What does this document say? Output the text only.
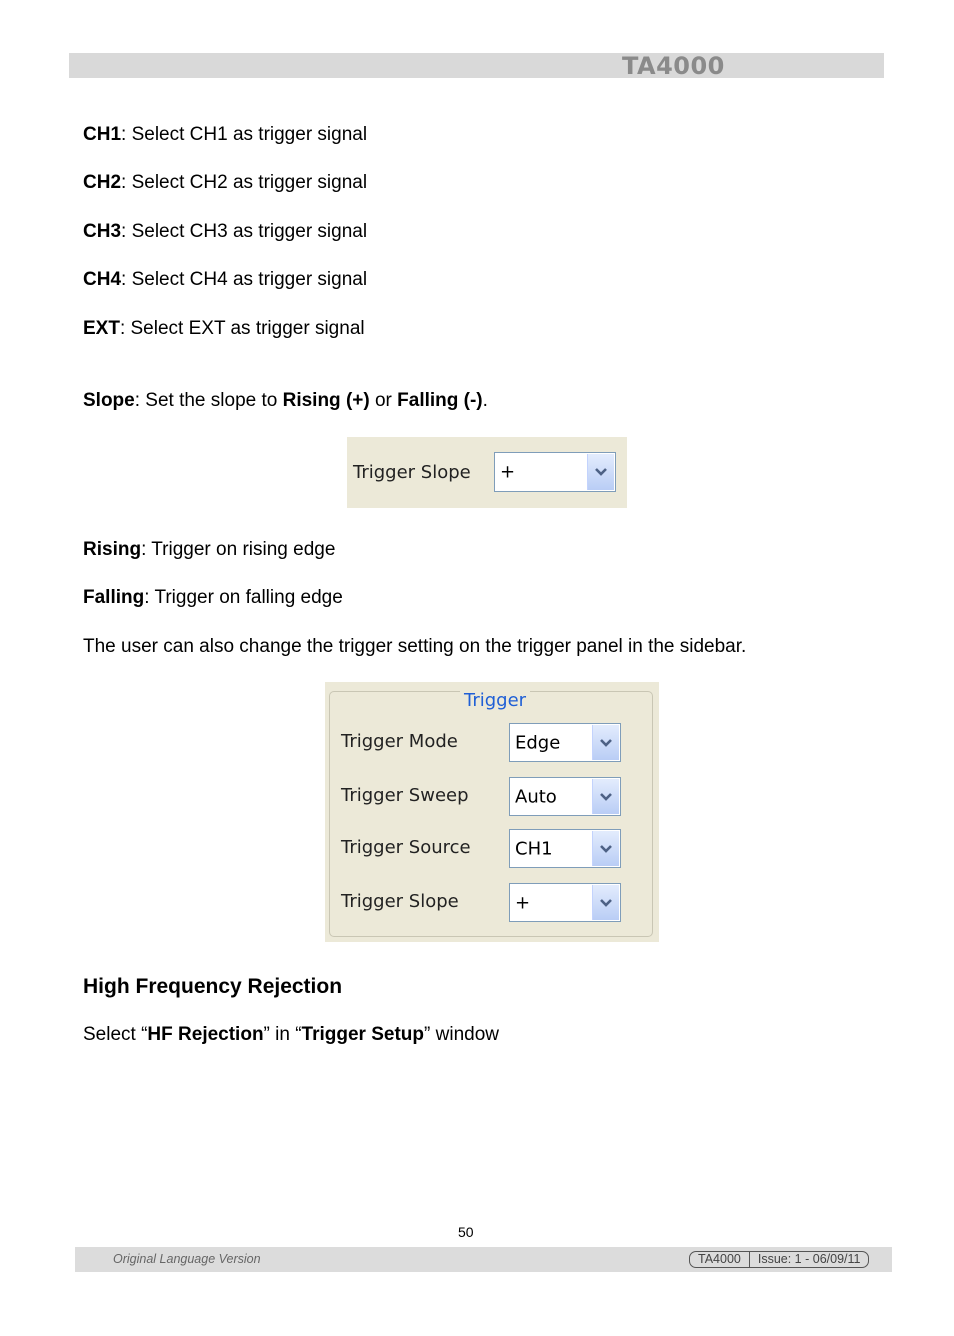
TA4000
CH1: Select CH1 as trigger signal
CH2: Select CH2 as trigger signal
CH3: Select CH3 as trigger signal
CH4: Select CH4 as trigger signal
EXT: Select EXT as trigger signal
Slope: Set the slope to Rising (+) or Falling (-).
Trigger Slope +
Rising: Trigger on rising edge
Falling: Trigger on falling edge
The user can also change the trigger setting on the trigger panel in the sidebar.
Trigger
Trigger Mode	Edge
Trigger Sweep	Auto
Trigger Source CH1
Trigger Slope	+
High Frequency Rejection
Select “HF Rejection” in “Trigger Setup” window
50
Original Language Version	TA4000	Issue: 1 - 06/09/11
